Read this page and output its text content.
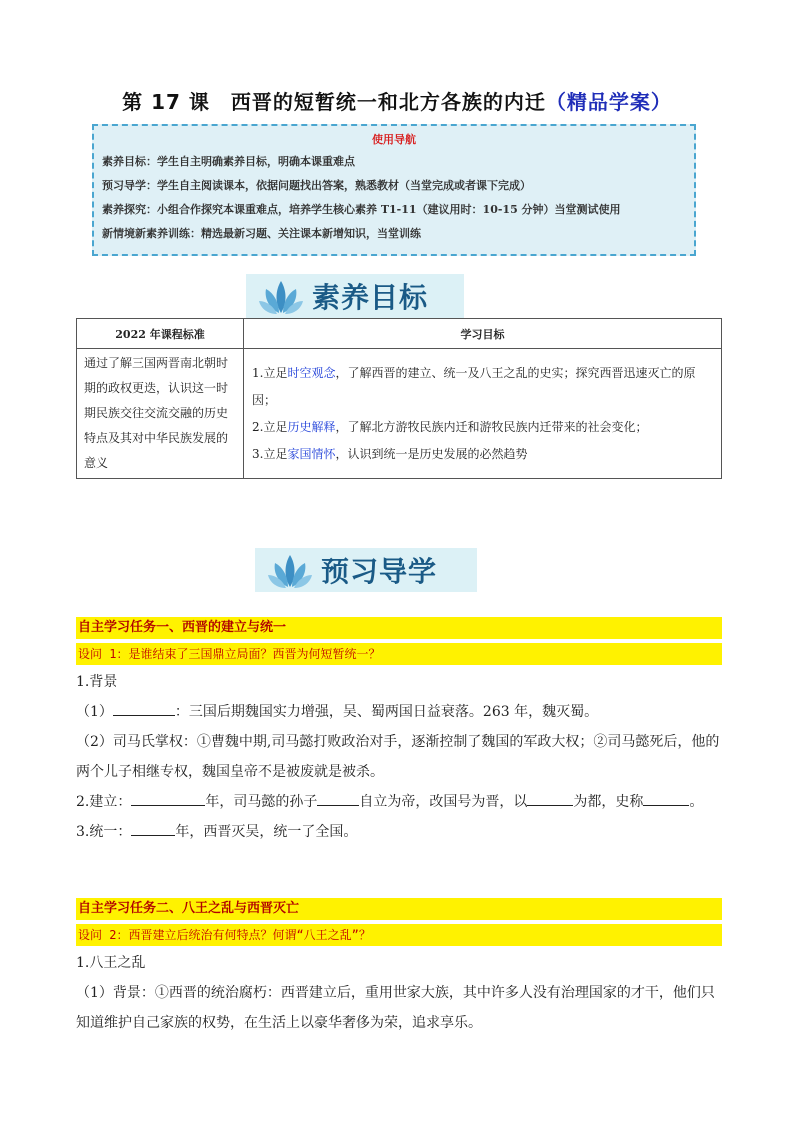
第 17 课　西晋的短暂统一和北方各族的内迁（精品学案）
使用导航
素养目标：学生自主明确素养目标，明确本课重难点
预习导学：学生自主阅读课本，依据问题找出答案，熟悉教材（当堂完成或者课下完成）
素养探究：小组合作探究本课重难点，培养学生核心素养 T1-11（建议用时：10-15 分钟）当堂测试使用
新情境新素养训练：精选最新习题、关注课本新增知识，当堂训练
素养目标
2022 年课程标准	学习目标
通过了解三国两晋南北朝时期的政权更迭，认识这一时期民族交往交流交融的历史特点及其对中华民族发展的意义	1.立足时空观念，了解西晋的建立、统一及八王之乱的史实；探究西晋迅速灭亡的原因；
2.立足历史解释，了解北方游牧民族内迁和游牧民族内迁带来的社会变化；
3.立足家国情怀，认识到统一是历史发展的必然趋势
预习导学
自主学习任务一、西晋的建立与统一
设问 1：是谁结束了三国鼎立局面？西晋为何短暂统一？
1.背景
（1）	：三国后期魏国实力增强，吴、蜀两国日益衰落。263 年，魏灭蜀。
（2）司马氏掌权：①曹魏中期,司马懿打败政治对手，逐渐控制了魏国的军政大权；②司马懿死后，他的两个儿子相继专权，魏国皇帝不是被废就是被杀。
2.建立：	年，司马懿的孙子	自立为帝，改国号为晋，以	为都，史称	。
3.统一：	年，西晋灭吴，统一了全国。
自主学习任务二、八王之乱与西晋灭亡
设问 2：西晋建立后统治有何特点？何谓“八王之乱”？
1.八王之乱
（1）背景：①西晋的统治腐朽：西晋建立后，重用世家大族，其中许多人没有治理国家的才干，他们只知道维护自己家族的权势，在生活上以豪华奢侈为荣，追求享乐。
